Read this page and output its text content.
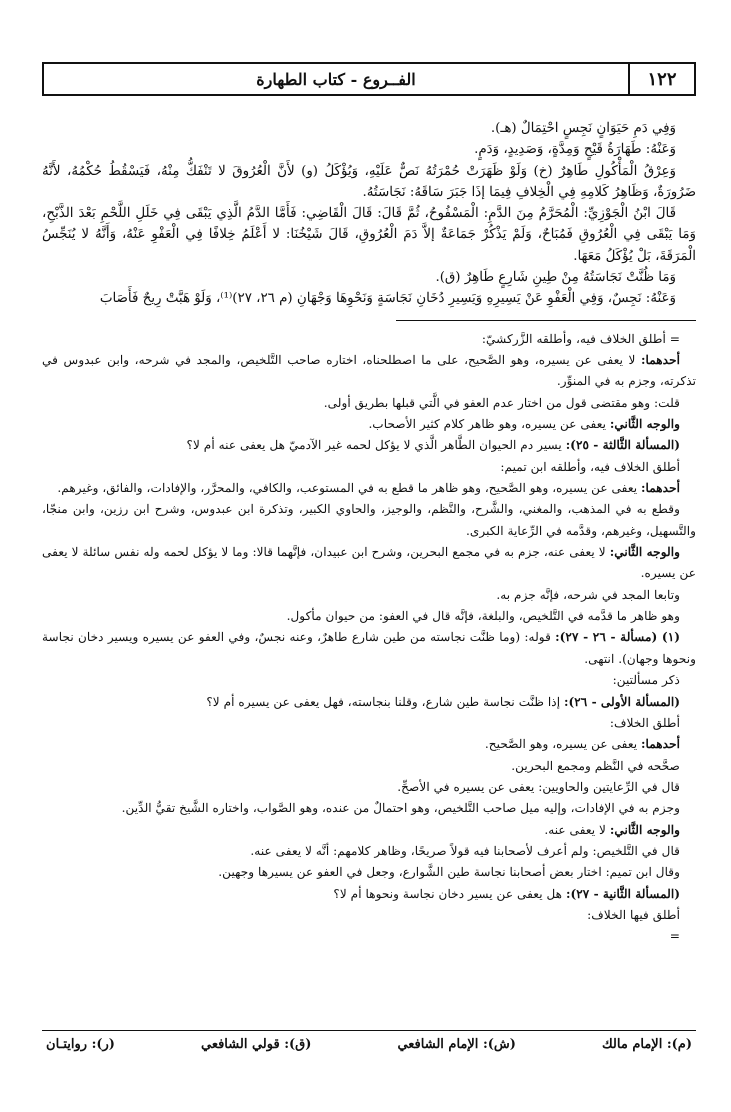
١٢٢
الفــروع - كتاب الطهارة

وَفِي دَمِ حَيَوَانٍ نَجِسٍ احْتِمَالٌ (هـ).

وَعَنْهُ: طَهَارَةُ قَيْحٍ وَمِدَّةٍ، وَصَدِيدٍ، وَدَمٍ.

وَعِرْقُ الْمَأْكُولِ طَاهِرٌ (خ) وَلَوْ ظَهَرَتْ حُمْرَتُهُ نَصٌّ عَلَيْهِ، وَيُؤْكَلُ (و) لأَنَّ الْعُرُوقَ لا تَنْفَكُّ مِنْهُ، فَيَسْقُطُ حُكْمُهُ، لأَنَّهُ ضَرُورَةٌ، وَظَاهِرُ كَلامِهِ فِي الْخِلافِ فِيمَا إذَا جَبَرَ سَاقَهُ: نَجَاسَتُهُ.

قَالَ ابْنُ الْجَوْزِيِّ: الْمُحَرَّمُ مِنَ الدَّمِ: الْمَسْفُوحُ، ثُمَّ قَالَ: قَالَ الْقَاضِي: فَأَمَّا الدَّمُ الَّذِي يَبْقَى فِي خَلَلِ اللَّحْمِ بَعْدَ الذَّبْحِ، وَمَا يَبْقَى فِي الْعُرُوقِ فَمُبَاحٌ، وَلَمْ يَذْكُرْ جَمَاعَةٌ إلاَّ دَمَ الْعُرُوقِ، قَالَ شَيْخُنَا: لا أَعْلَمُ خِلافًا فِي الْعَفْوِ عَنْهُ، وَأَنَّهُ لا يُنَجِّسُ الْمَرَقَةَ، بَلْ يُؤْكَلُ مَعَهَا.

وَمَا ظُنَّتْ نَجَاسَتُهُ مِنْ طِينِ شَارِعٍ طَاهِرٌ (ق).

وَعَنْهُ: نَجِسٌ، وَفِي الْعَفْوِ عَنْ يَسِيرِهِ وَيَسِيرِ دُخَانِ نَجَاسَةٍ وَنَحْوِهَا وَجْهَانِ (م ٢٦، ٢٧)⁽¹⁾، وَلَوْ هَبَّتْ رِيحٌ فَأَصَابَ

= أطلق الخلاف فيه، وأطلقه الزَّركشيّ:

أحدهما: لا يعفى عن يسيره، وهو الصَّحيح، على ما اصطلحناه، اختاره صاحب التَّلخيص، والمجد في شرحه، وابن عبدوس في تذكرته، وجزم به في المنوِّر.

قلت: وهو مقتضى قول من اختار عدم العفو في الَّتي قبلها بطريق أولى.

والوجه الثَّاني: يعفى عن يسيره، وهو ظاهر كلام كثير الأصحاب.

(المسألة الثَّالثة - ٢٥): يسير دم الحيوان الطَّاهر الَّذي لا يؤكل لحمه غير الآدميّ هل يعفى عنه أم لا؟

أطلق الخلاف فيه، وأطلقه ابن تميم:

أحدهما: يعفى عن يسيره، وهو الصَّحيح، وهو ظاهر ما قطع به في المستوعب، والكافي، والمحرَّر، والإفادات، والفائق، وغيرهم.

وقطع به في المذهب، والمغني، والشَّرح، والنَّظم، والوجيز، والحاوي الكبير، وتذكرة ابن عبدوس، وشرح ابن رزين، وابن منجّا، والتَّسهيل، وغيرهم، وقدَّمه في الرِّعاية الكبرى.

والوجه الثَّاني: لا يعفى عنه، جزم به في مجمع البحرين، وشرح ابن عبيدان، فإنَّهما قالا: وما لا يؤكل لحمه وله نفس سائلة لا يعفى عن يسيره.

وتابعا المجد في شرحه، فإنَّه جزم به.

وهو ظاهر ما قدَّمه في التَّلخيص، والبلغة، فإنَّه قال في العفو: من حيوان مأكول.

(١) (مسألة - ٢٦ - ٢٧): قوله: (وما ظنَّت نجاسته من طين شارع طاهرٌ، وعنه نجسٌ، وفي العفو عن يسيره ويسير دخان نجاسة ونحوها وجهان). انتهى.

ذكر مسألتين:

(المسألة الأولى - ٢٦): إذا ظنَّت نجاسة طين شارع، وقلنا بنجاسته، فهل يعفى عن يسيره أم لا؟

أطلق الخلاف:

أحدهما: يعفى عن يسيره، وهو الصَّحيح.

صحَّحه في النَّظم ومجمع البحرين.

قال في الرِّعايتين والحاويين: يعفى عن يسيره في الأصحِّ.

وجزم به في الإفادات، وإليه ميل صاحب التَّلخيص، وهو احتمالٌ من عنده، وهو الصَّواب، واختاره الشَّيخ تقيُّ الدِّين.

والوجه الثَّاني: لا يعفى عنه.

قال في التَّلخيص: ولم أعرف لأصحابنا فيه قولاً صريحًا، وظاهر كلامهم: أنَّه لا يعفى عنه.

وقال ابن تميم: اختار بعض أصحابنا نجاسة طين الشَّوارع، وجعل في العفو عن يسيرها وجهين.

(المسألة الثَّانية - ٢٧): هل يعفى عن يسير دخان نجاسة ونحوها أم لا؟

أطلق فيها الخلاف:

=

(م): الإمام مالك
(ش): الإمام الشافعي
(ق): قولي الشافعي
(ر): روايتـان
